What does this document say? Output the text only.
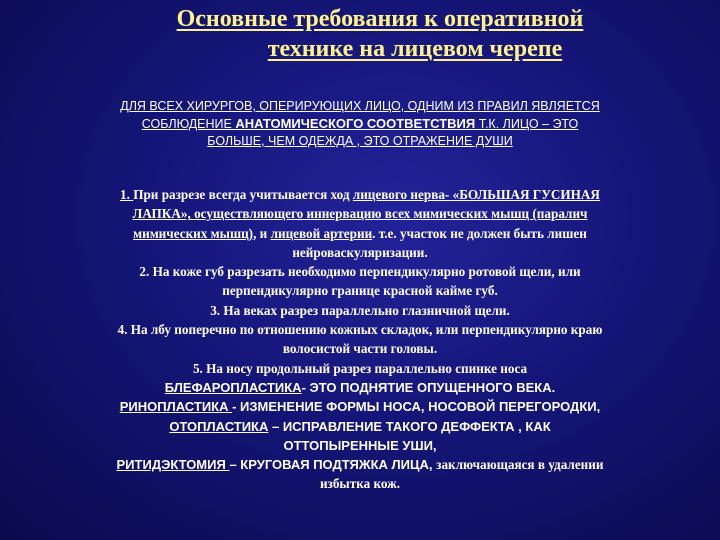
Основные требования к оперативной
технике на лицевом черепе
ДЛЯ ВСЕХ ХИРУРГОВ, ОПЕРИРУЮЩИХ ЛИЦО, ОДНИМ ИЗ ПРАВИЛ ЯВЛЯЕТСЯ
СОБЛЮДЕНИЕ АНАТОМИЧЕСКОГО СООТВЕТСТВИЯ Т.К. ЛИЦО – ЭТО
БОЛЬШЕ, ЧЕМ ОДЕЖДА , ЭТО ОТРАЖЕНИЕ ДУШИ
1. При разрезе всегда учитывается ход лицевого нерва- «БОЛЬШАЯ ГУСИНАЯ
ЛАПКА», осуществляющего иннервацию всех мимических мышц (паралич
мимических мышц), и лицевой артерии. т.е. участок не должен быть лишен
нейроваскуляризации.
2. На коже губ разрезать необходимо перпендикулярно ротовой щели, или
перпендикулярно границе красной кайме губ.
3. На веках разрез параллельно глазничной щели.
4. На лбу поперечно по отношению кожных складок, или перпендикулярно краю
волосистой части головы.
5. На носу продольный разрез параллельно спинке носа
БЛЕФАРОПЛАСТИКА- ЭТО ПОДНЯТИЕ ОПУЩЕННОГО ВЕКА.
РИНОПЛАСТИКА - ИЗМЕНЕНИЕ ФОРМЫ НОСА, НОСОВОЙ ПЕРЕГОРОДКИ,
ОТОПЛАСТИКА – ИСПРАВЛЕНИЕ ТАКОГО ДЕФФЕКТА , КАК
ОТТОПЫРЕННЫЕ УШИ,
РИТИДЭКТОМИЯ – КРУГОВАЯ ПОДТЯЖКА ЛИЦА, заключающаяся в удалении
избытка кож.
